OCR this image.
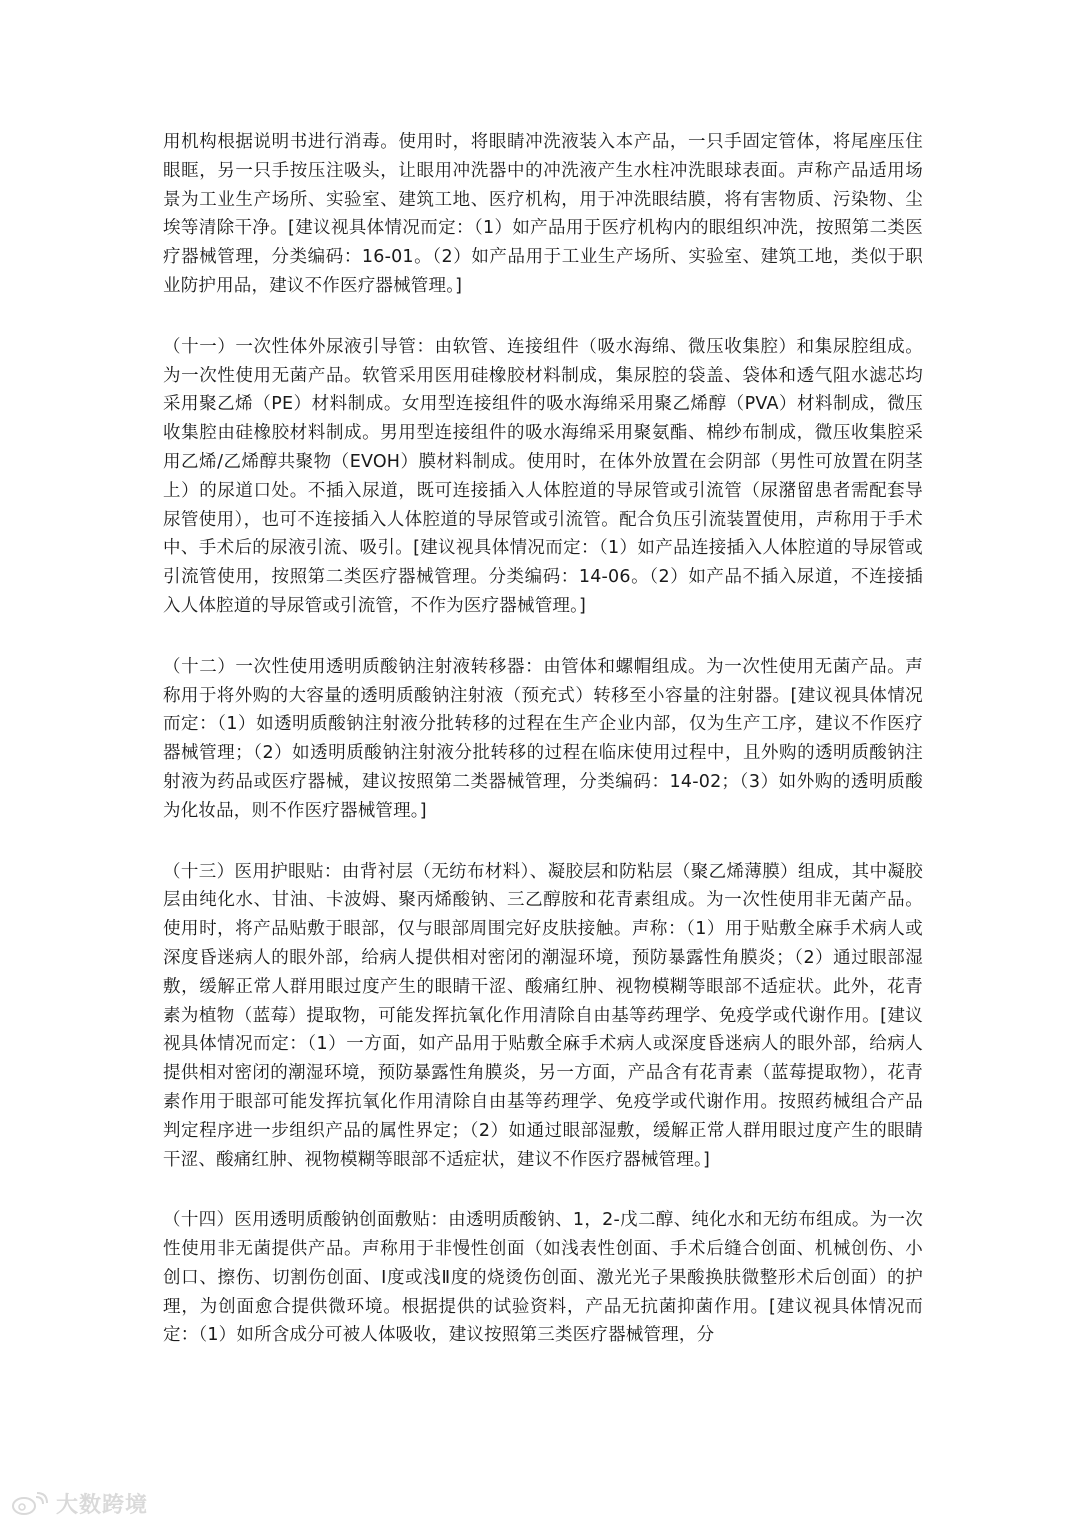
用机构根据说明书进行消毒。使用时，将眼睛冲洗液装入本产品，一只手固定管体，将尾座压住眼眶，另一只手按压注吸头，让眼用冲洗器中的冲洗液产生水柱冲洗眼球表面。声称产品适用场景为工业生产场所、实验室、建筑工地、医疗机构，用于冲洗眼结膜，将有害物质、污染物、尘埃等清除干净。[建议视具体情况而定：（1）如产品用于医疗机构内的眼组织冲洗，按照第二类医疗器械管理，分类编码：16-01。（2）如产品用于工业生产场所、实验室、建筑工地，类似于职业防护用品，建议不作医疗器械管理。]

（十一）一次性体外尿液引导管：由软管、连接组件（吸水海绵、微压收集腔）和集尿腔组成。为一次性使用无菌产品。软管采用医用硅橡胶材料制成，集尿腔的袋盖、袋体和透气阻水滤芯均采用聚乙烯（PE）材料制成。女用型连接组件的吸水海绵采用聚乙烯醇（PVA）材料制成，微压收集腔由硅橡胶材料制成。男用型连接组件的吸水海绵采用聚氨酯、棉纱布制成，微压收集腔采用乙烯/乙烯醇共聚物（EVOH）膜材料制成。使用时，在体外放置在会阴部（男性可放置在阴茎上）的尿道口处。不插入尿道，既可连接插入人体腔道的导尿管或引流管（尿潴留患者需配套导尿管使用），也可不连接插入人体腔道的导尿管或引流管。配合负压引流装置使用，声称用于手术中、手术后的尿液引流、吸引。[建议视具体情况而定：（1）如产品连接插入人体腔道的导尿管或引流管使用，按照第二类医疗器械管理。分类编码：14-06。（2）如产品不插入尿道，不连接插入人体腔道的导尿管或引流管，不作为医疗器械管理。]

（十二）一次性使用透明质酸钠注射液转移器：由管体和螺帽组成。为一次性使用无菌产品。声称用于将外购的大容量的透明质酸钠注射液（预充式）转移至小容量的注射器。[建议视具体情况而定：（1）如透明质酸钠注射液分批转移的过程在生产企业内部，仅为生产工序，建议不作医疗器械管理；（2）如透明质酸钠注射液分批转移的过程在临床使用过程中，且外购的透明质酸钠注射液为药品或医疗器械，建议按照第二类器械管理，分类编码：14-02；（3）如外购的透明质酸为化妆品，则不作医疗器械管理。]

（十三）医用护眼贴：由背衬层（无纺布材料）、凝胶层和防粘层（聚乙烯薄膜）组成，其中凝胶层由纯化水、甘油、卡波姆、聚丙烯酸钠、三乙醇胺和花青素组成。为一次性使用非无菌产品。使用时，将产品贴敷于眼部，仅与眼部周围完好皮肤接触。声称：（1）用于贴敷全麻手术病人或深度昏迷病人的眼外部，给病人提供相对密闭的潮湿环境，预防暴露性角膜炎；（2）通过眼部湿敷，缓解正常人群用眼过度产生的眼睛干涩、酸痛红肿、视物模糊等眼部不适症状。此外，花青素为植物（蓝莓）提取物，可能发挥抗氧化作用清除自由基等药理学、免疫学或代谢作用。[建议视具体情况而定：（1）一方面，如产品用于贴敷全麻手术病人或深度昏迷病人的眼外部，给病人提供相对密闭的潮湿环境，预防暴露性角膜炎，另一方面，产品含有花青素（蓝莓提取物），花青素作用于眼部可能发挥抗氧化作用清除自由基等药理学、免疫学或代谢作用。按照药械组合产品判定程序进一步组织产品的属性界定；（2）如通过眼部湿敷，缓解正常人群用眼过度产生的眼睛干涩、酸痛红肿、视物模糊等眼部不适症状，建议不作医疗器械管理。]

（十四）医用透明质酸钠创面敷贴：由透明质酸钠、1，2-戊二醇、纯化水和无纺布组成。为一次性使用非无菌提供产品。声称用于非慢性创面（如浅表性创面、手术后缝合创面、机械创伤、小创口、擦伤、切割伤创面、Ⅰ度或浅Ⅱ度的烧烫伤创面、激光光子果酸换肤微整形术后创面）的护理，为创面愈合提供微环境。根据提供的试验资料，产品无抗菌抑菌作用。[建议视具体情况而定：（1）如所含成分可被人体吸收，建议按照第三类医疗器械管理，分

大数跨境
